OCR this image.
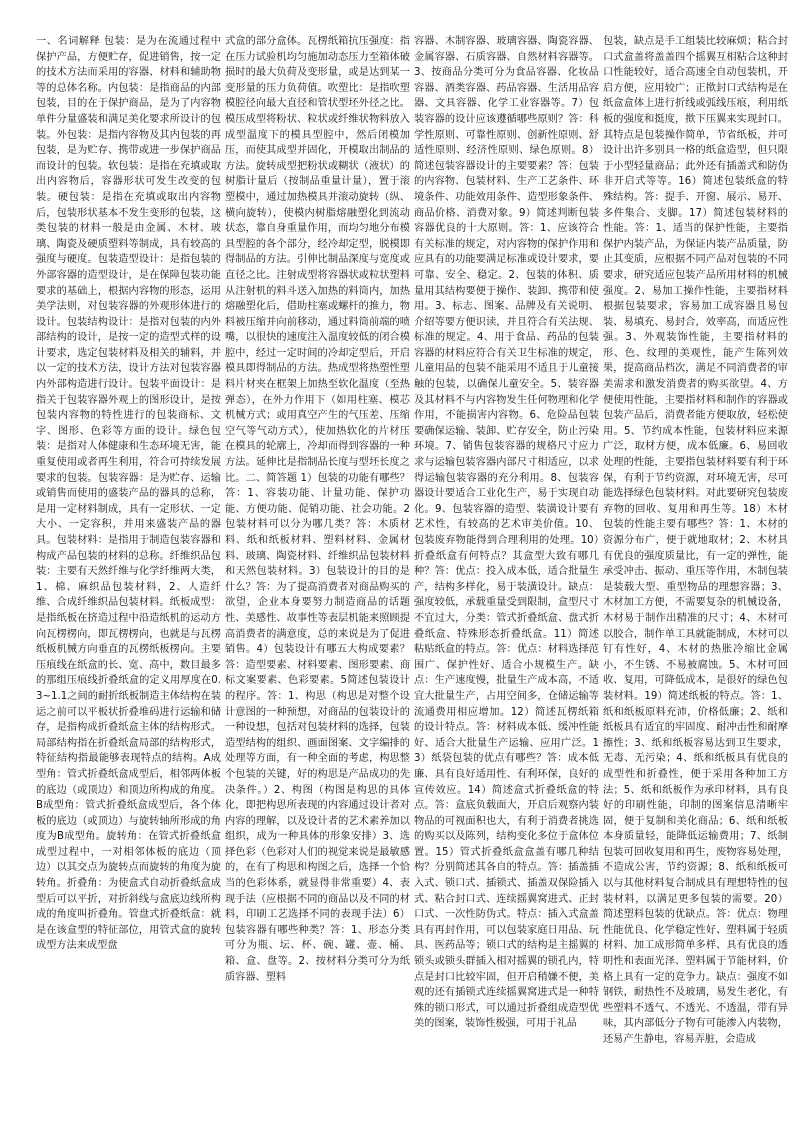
一、名词解释 包装：是为在流通过程中保护产品，方便贮存，促进销售，按一定的技术方法而采用的容器、材料和辅助物等的总体名称。内包装：是指商品的内部包装，目的在于保护商品，是为了内容物单件分量盛装和满足美化要求所设计的包装。外包装：是指内容物及其内包装的再包装，是为贮存、携带或进一步保护商品而设计的包装。软包装：是指在充填或取出内容物后，容器形状可发生改变的包装。硬包装：是指在充填或取出内容物后，包装形状基本不发生变形的包装，这类包装的材料一般是由金属、木材、玻璃、陶瓷及硬质塑料等制成，具有较高的强度与硬度。包装造型设计：是指包装的外部容器的造型设计，是在保障包装功能要求的基础上，根据内容物的形态，运用美学法则，对包装容器的外观形体进行的设计。包装结构设计：是指对包装的内外部结构的设计，是按一定的造型式样的设计要求，选定包装材料及相关的辅料，并以一定的技术方法，设计方法对包装容器内外部构造进行设计。包装平面设计：是指关于包装容器外观上的图形设计，是按包装内容物的特性进行的包装商标、文字、图形、色彩等方面的设计。绿色包装：是指对人体健康和生态环境无害，能重复使用或者再生利用，符合可持续发展要求的包装。包装容器：是为贮存、运输或销售而使用的盛装产品的器具的总称，是用一定材料制成，具有一定形状、一定大小、一定容积，并用来盛装产品的器具。包装材料：是指用于制造包装容器和构成产品包装的材料的总称。纤维织品包装：主要有天然纤维与化学纤维两大类，1、棉、麻织品包装材料，2、人造纤维、合成纤维织品包装材料。纸板成型：是指纸板在挤造过程中沿造纸机的运动方向瓦楞楞向，即瓦楞楞向，也就是与瓦楞纸板机械方向垂直的瓦楞纸板楞向。主要压痕线在纸盒的长、宽、高中，数目最多的那组压痕线折叠纸盒的定义用厚度在0.3~1.1之间的耐折纸板制造主体结构在装运之前可以平板状折叠堆码进行运输和储存，是指构成折叠纸盒主体的结构形式。局部结构指在折叠纸盒局部的结构形式，特征结构指最能够表现特点的结构。A成型角：管式折叠纸盒成型后，相邻两体板的底边（或顶边）和顶边所构成的角度。B成型角：管式折叠纸盒成型后，各个体板的底边（或顶边）与旋转轴所形成的角度为B成型角。旋转角：在管式折叠纸盒成型过程中，一对相邻体板的底边（顶边）以其交点为旋转点而旋转的角度为旋转角。折叠角：为使盒式自动折叠纸盒成型后可以平折，对折斜线与盒底边线所构成的角度叫折叠角。管盘式折叠纸盒：就是在该盒型的特征部位，用管式盒的旋转成型方法来成型盘

式盒的部分盒体。瓦楞纸箱抗压强度：指在压力试验机均匀施加动态压力至箱体破损时的最大负荷及变形量，或是达到某一变形量的压力负荷值。吹塑比：是指吹塑模腔径向最大直径和管状型坯外径之比。模压成型将粉状、粒状或纤维状物料放入成型温度下的模具型腔中，然后闭模加压，而使其成型并固化，开模取出制品的方法。旋转成型把粉状或糊状（液状）的树脂计量后（按制品重量计量），置于滚塑模中，通过加热模具并滚动旋转（纵、横向旋转），使模内树脂熔融塑化到流动状态，靠自身重量作用，而均匀地分布模具型腔的各个部分，经冷却定型，脱模即得制品的方法。引伸比制品深度与宽度或直径之比。注射成型将容器状或粒状塑料从注射机的料斗送入加热的料筒内，加热熔融塑化后，借助柱塞或螺杆的推力，物料被压缩并向前移动，通过料筒前端的喷嘴，以很快的速度注入温度较低的闭合模腔中，经过一定时间的冷却定型后，开启模具即得制品的方法。热成型将热塑性塑料片材夹在框架上加热至软化温度（至热弹态），在外力作用下（如用柱塞、模芯机械方式；或用真空产生的气压差、压缩空气等气动方式），使加热软化的片材压在模具的轮廓上，冷却而得到容器的一种方法。延伸比是指制品长度与型坯长度之比。二、简答题 1）包装的功能有哪些？答：1、容装功能、计量功能、保护功能、方便功能、促销功能、社会功能。2包装材料可以分为哪几类？答：木质材料、纸和纸板材料、塑料材料、金属材料、玻璃、陶瓷材料、纤维织品包装材料和天然包装材料。3）包装设计的目的是什么？答：为了提高消费者对商品购买的欲望，企业本身要努力制造商品的话题性、美感性、故事性等表层机能来照顾提高消费者的满意度，总的来说是为了促进销售。4）包装设计有哪五大构成要素？答：造型要素、材料要素、图形要素、商标文案要素、色彩要素。5简述包装设计的程序。答：1、构思（构思是对整个设计意图的一种预想，对商品的包装设计的一种设想，包括对包装材料的选择，包装造型结构的组织、画面图案、文字编排的处理等方面，有一种全面的考虑，构思整个包装的关键，好的构思是产品成功的先决条件。）2、构图（构图是构思的具体化，即把构思所表现的内容通过设计者对内容的理解，以及设计者的艺术素养加以组织，成为一种具体的形象安排）3、选择色彩（色彩对人们的视觉来说是最敏感的，在有了构思和构图之后，选择一个恰当的色彩体系，就显得非常重要）4、表现手法（应根据不同的商品以及不同的材料，印刷工艺选择不同的表现手法）6）包装容器有哪些种类？答：1、形态分类可分为瓶、坛、杯、碗、罐、壶、桶、箱、盒、盘等。2、按材料分类可分为纸质容器、塑料

容器、木制容器、玻璃容器、陶瓷容器、金属容器、石质容器、自然材料容器等。3、按商品分类可分为食品容器、化妆品容器、酒类容器、药品容器、生活用品容器、文具容器、化学工业容器等。7）包装容器的设计应该遵循哪些原则？答：科学性原则、可靠性原则、创新性原则、舒适性原则、经济性原则、绿色原则。8）简述包装容器设计的主要要素？答：包装的内容物、包装材料、生产工艺条件、环境条件、功能效用条件、造型形象条件、商品价格、消费对象。9）简述判断包装容器优良的十大原则。答：1、应该符合有关标准的规定，对内容物的保护作用和应具有的功能要满足标准或设计要求，要可靠、安全、稳定。2、包装的体积、质量用其结构要便于操作、装卸、携带和使用。3、标志、图案、品牌及有关说明、介绍等要方便识读，并且符合有关法规、标准的规定。4、用于食品、药品的包装容器的材料应符合有关卫生标准的规定，儿童用品的包装不能采用不适且于儿童接触的包装，以确保儿童安全。5、装容器及其材料不与内容物发生任何物理和化学作用，不能损害内容物。6、危险品包装要确保运输、装卸、贮存安全，防止污染环境。7、销售包装容器的规格尺寸应力求与运输包装容器内部尺寸相适应，以求得运输包装容器的充分利用。8、包装容器设计要适合工业化生产，易于实现自动化。9、包装容器的造型、装潢设计要有艺术性，有较高的艺术审美价值。10、包装废弃物能得到合理利用的处理。10）折叠纸盒有何特点？其盒型大致有哪几种？答：优点：投入成本低，适合批量生产，结构多样化，易于装潢设计。缺点：强度较低，承载重量受到限制，盒型尺寸不宜过大，分类：管式折叠纸盒、盘式折叠纸盒、特殊形态折叠纸盒。11）简述粘贴纸盒的特点。答：优点：材料选择范围广、保护性好、适合小规模生产。缺点：生产速度慢，批量生产成本高，不适宜大批量生产，占用空间多，仓储运输等流通费用相应增加。12）简述瓦楞纸箱的设计特点。答：材料成本低、缓冲性能好、适合大批量生产运输、应用广泛。13）纸袋包装的优点有哪些？答：成本低廉、具有良好适用性、有利环保，良好的宣传效应。14）简述盒式折叠纸盒的特点。答：盒底负载面大，开启后观察内装物品的可视面积也大，有利于消费者挑选的购买以及陈列，结构变化多位于盒体位置。15）管式折叠纸盒盒盖有哪几种结构？分别简述其各自的特点。答：插盖插入式、锁口式、插锁式、插盖双保险插入式、粘合封口式、连续摇翼窝进式、正封口式、一次性防伪式。特点：插入式盒盖具有再封作用，可以包装家庭日用品、玩具、医药品等；锁口式的结构是主摇翼的锁头或锁头群插入相对摇翼的锁孔内，特点是封口比较牢固，但开启稍嫌不便，美观的还有插锁式连续摇翼窝进式是一种特殊的锁口形式，可以通过折叠组成造型优美的图案，装饰性极强，可用于礼品

包装，缺点是手工组装比较麻烦；粘合封口式盒盖将盖盖四个摇翼互相粘合这种封口性能较好，适合高速全自动包装机，开启方便，应用较广；正揿封口式结构是在纸盒盒体上进行折线或弧线压痕，利用纸板的强度和挺度，揿下压翼来实现封口。其特点是包装操作简单，节省纸板，并可设计出许多别具一格的纸盒造型，但只限于小型轻量商品；此外还有插盖式和防伪非开启式等等。16）简述包装纸盒的特殊结构。答：提手、开窗、展示、易开、多件集合、支脚。17）简述包装材料的性能。答：1、适当的保护性能，主要指保护内装产品，为保证内装产品质量，防止其变质，应根据不同产品对包装的不同要求，研究适应包装产品所用材料的机械强度。2、易加工操作性能，主要指材料根据包装要求，容易加工成容器且易包装、易填充、易封合，效率高，而适应性强。3、外观装饰性能，主要指材料的形、色、纹理的美观性，能产生陈列效果，提高商品档次，满足不同消费者的审美需求和激发消费者的购买欲望。4、方便使用性能，主要指材料和制作的容器或包装产品后，消费者能方便取放，轻松使用。5、节约成本性能，包装材料应来源广泛，取材方便，成本低廉。6、易回收处理的性能，主要指包装材料要有利于环保，有利于节约资源，对环境无害，尽可能选择绿色包装材料。对此要研究包装废弃物的回收、复用和再生等。18）木材包装的性能主要有哪些？答：1、木材的资源分布广，便于就地取材；2、木材具有优良的强度质量比，有一定的弹性，能承受冲击、振动、重压等作用，木制包装是装载大型、重型物品的理想容器；3、木材加工方便，不需要复杂的机械设备，木材易于制作出精准的尺寸；4、木材可以胶合，制作单工具就能制成，木材可以钉有性好，4、木材的热胀冷缩比金属小，不生锈、不易被腐蚀。5、木材可回收、复用，可降低成本，是很好的绿色包装材料。19）简述纸板的特点。答：1、纸和纸板原料充沛，价格低廉；2、纸和纸板具有适宜的牢固度、耐冲击性和耐摩擦性；3、纸和纸板容易达到卫生要求，无毒、无污染；4、纸和纸板具有优良的成型性和折叠性，便于采用各种加工方法；5、纸和纸板作为承印材料，具有良好的印刷性能，印制的图案信息清晰牢固，便于复制和美化商品；6、纸和纸板本身质量轻，能降低运输费用；7、纸制包装可回收复用和再生，废物容易处理，不造成公害，节约资源；8、纸和纸板可以与其他材料复合制成具有理想特性的包装材料，以满足更多包装的需要。20）简述塑料包装的优缺点。答：优点：物理性能优良、化学稳定性好、塑料属于轻质材料、加工成形简单多样、具有优良的透明性和表面光泽、塑料属于节能材料，价格上具有一定的竞争力。缺点：强度不如钢铁，耐热性不及玻璃，易发生老化，有些塑料不透气、不透光、不透温，带有异味，其内部低分子物有可能渗入内装物，还易产生静电，容易弄脏，会造成
